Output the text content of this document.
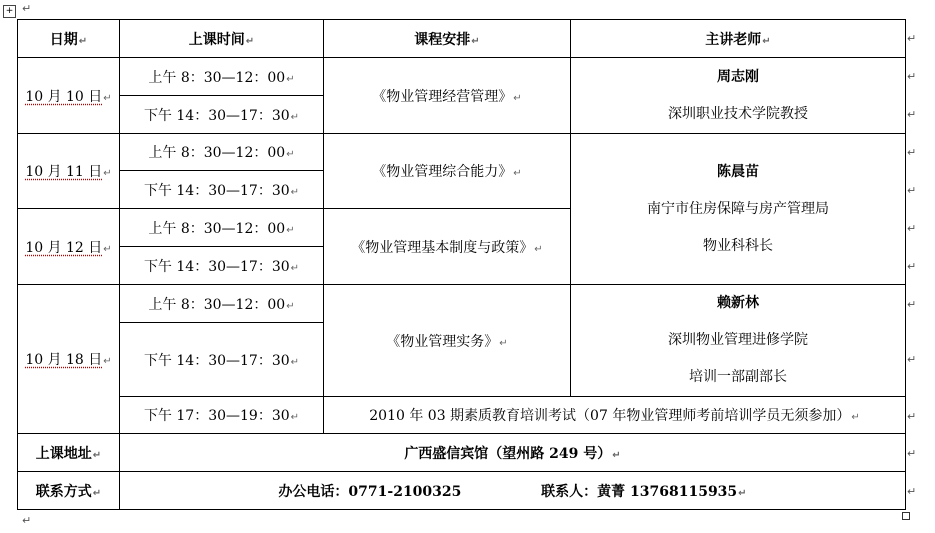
+ ↵
日期↵	上课时间↵	课程安排↵	主讲老师↵
10 月 10 日↵	上午 8：30—12：00↵	《物业管理经营管理》↵	周志刚
深圳职业技术学院教授

	下午 14：30—17：30↵		
10 月 11 日↵	上午 8：30—12：00↵	《物业管理综合能力》↵	陈晨苗
南宁市住房保障与房产管理局
物业科科长

	下午 14：30—17：30↵		
10 月 12 日↵	上午 8：30—12：00↵	《物业管理基本制度与政策》↵	
	下午 14：30—17：30↵		
10 月 18 日↵	上午 8：30—12：00↵	《物业管理实务》↵	赖新林
深圳物业管理进修学院
培训一部副部长

	下午 14：30—17：30↵		
	下午 17：30—19：30↵	2010 年 03 期素质教育培训考试（07 年物业管理师考前培训学员无须参加）↵	
上课地址↵	广西盛信宾馆（望州路 249 号）↵		
联系方式↵	办公电话：0771-2100325 联系人：黄菁 13768115935↵		
↵
↵
↵
↵
↵
↵
↵
↵
↵
↵
↵
↵
↵
